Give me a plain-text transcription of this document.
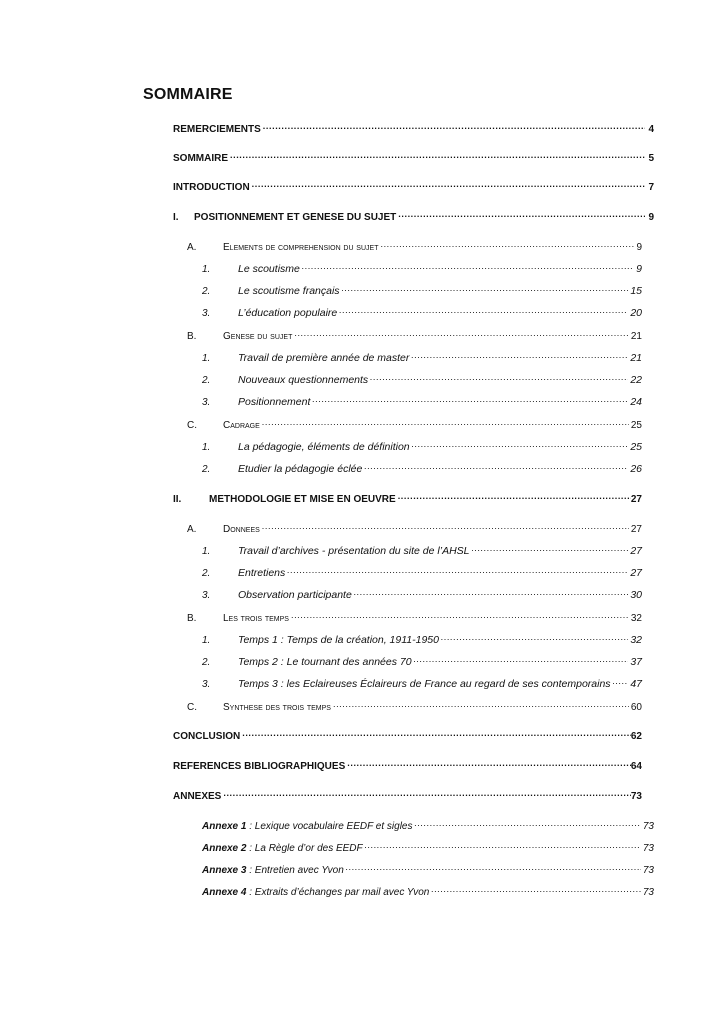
SOMMAIRE
REMERCIEMENTS .....	4
SOMMAIRE .....	5
INTRODUCTION .....	7
I.	POSITIONNEMENT ET GENESE DU SUJET .....	9
A.	Elements de comprehension du sujet .....	9
1.	Le scoutisme .....	9
2.	Le scoutisme français .....	15
3.	L’éducation populaire .....	20
B.	Genese du sujet .....	21
1.	Travail de première année de master .....	21
2.	Nouveaux questionnements .....	22
3.	Positionnement .....	24
C.	Cadrage .....	25
1.	La pédagogie, éléments de définition .....	25
2.	Etudier la pédagogie éclée .....	26
II.	METHODOLOGIE ET MISE EN OEUVRE .....	27
A.	Donnees .....	27
1.	Travail d’archives - présentation du site de l’AHSL .....	27
2.	Entretiens .....	27
3.	Observation participante .....	30
B.	Les trois temps .....	32
1.	Temps 1 : Temps de la création, 1911-1950 .....	32
2.	Temps 2 : Le tournant des années 70 .....	37
3.	Temps 3 : les Eclaireuses Éclaireurs de France au regard de ses contemporains ..... 47
C.	Synthese des trois temps .....	60
CONCLUSION .....	62
REFERENCES BIBLIOGRAPHIQUES .....	64
ANNEXES .....	73
Annexe 1 : Lexique vocabulaire EEDF et sigles .....	73
Annexe 2 : La Règle d’or des EEDF .....	73
Annexe 3 : Entretien avec Yvon .....	73
Annexe 4 : Extraits d’échanges par mail avec Yvon .....	73
